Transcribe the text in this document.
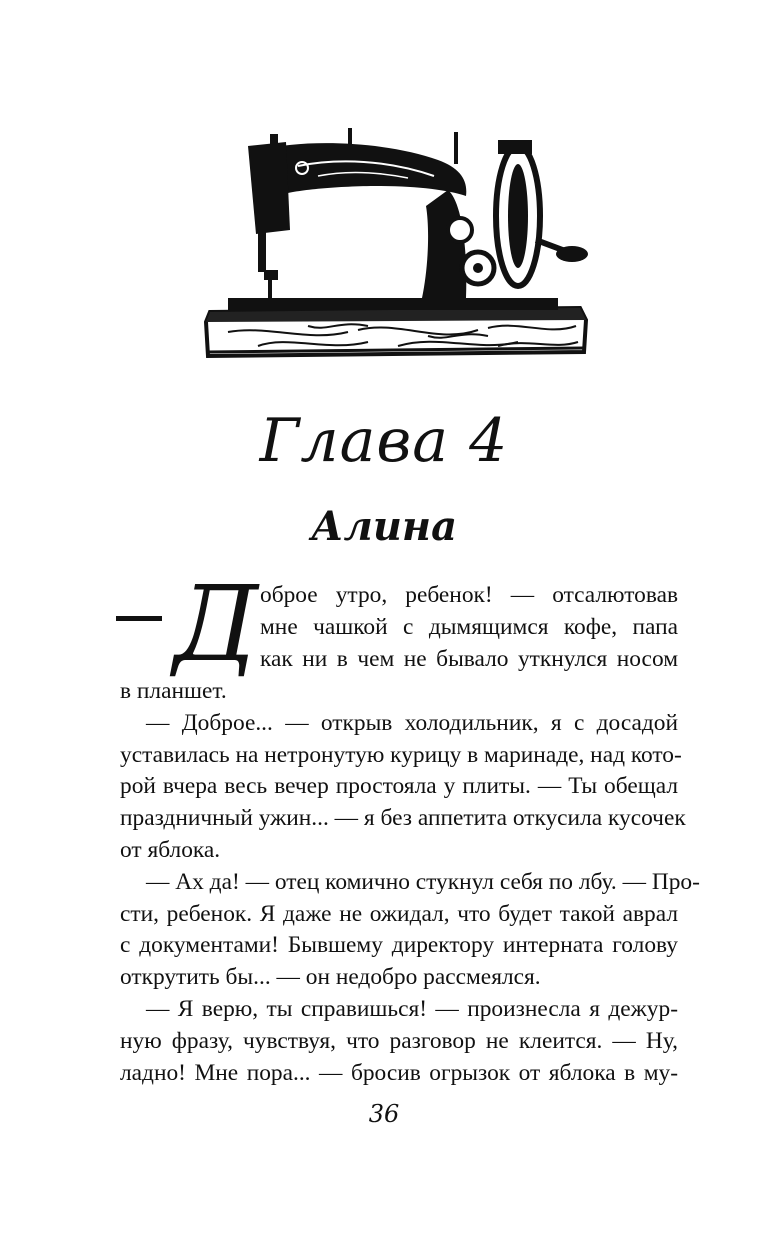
Глава 4
Алина
Д оброе утро, ребенок! — отсалютовав
мне чашкой с дымящимся кофе, папа
как ни в чем не бывало уткнулся носом
в планшет.
— Доброе... — открыв холодильник, я с досадой
уставилась на нетронутую курицу в маринаде, над кото-
рой вчера весь вечер простояла у плиты. — Ты обещал
праздничный ужин... — я без аппетита откусила кусочек
от яблока.
— Ах да! — отец комично стукнул себя по лбу. — Про-
сти, ребенок. Я даже не ожидал, что будет такой аврал
с документами! Бывшему директору интерната голову
открутить бы... — он недобро рассмеялся.
— Я верю, ты справишься! — произнесла я дежур-
ную фразу, чувствуя, что разговор не клеится. — Ну,
ладно! Мне пора... — бросив огрызок от яблока в му-
36
